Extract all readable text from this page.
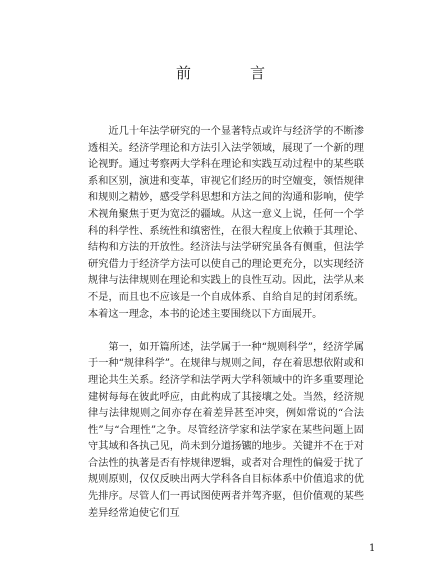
前　言

近几十年法学研究的一个显著特点或许与经济学的不断渗透相关。经济学理论和方法引入法学领域，展现了一个新的理论视野。通过考察两大学科在理论和实践互动过程中的某些联系和区别，演进和变革，审视它们经历的时空嬗变，领悟规律和规则之精妙，感受学科思想和方法之间的沟通和影响，使学术视角聚焦于更为宽泛的疆域。从这一意义上说，任何一个学科的科学性、系统性和缜密性，在很大程度上依赖于其理论、结构和方法的开放性。经济法与法学研究虽各有侧重，但法学研究借力于经济学方法可以使自己的理论更充分，以实现经济规律与法律规则在理论和实践上的良性互动。因此，法学从来不是，而且也不应该是一个自成体系、自给自足的封闭系统。本着这一理念，本书的论述主要围绕以下方面展开。

第一，如开篇所述，法学属于一种“规则科学”，经济学属于一种“规律科学”。在规律与规则之间，存在着思想依附或和理论共生关系。经济学和法学两大学科领域中的许多重要理论建树每每在彼此呼应，由此构成了其接壤之处。当然，经济规律与法律规则之间亦存在着差异甚至冲突，例如常说的“合法性”与“合理性”之争。尽管经济学家和法学家在某些问题上固守其域和各执己见，尚未到分道扬镳的地步。关键并不在于对合法性的执著是否有悖规律逻辑，或者对合理性的偏爱于扰了规则原则，仅仅反映出两大学科各自目标体系中价值追求的优先排序。尽管人们一再试图使两者并驾齐驱，但价值观的某些差异经常迫使它们互

1
